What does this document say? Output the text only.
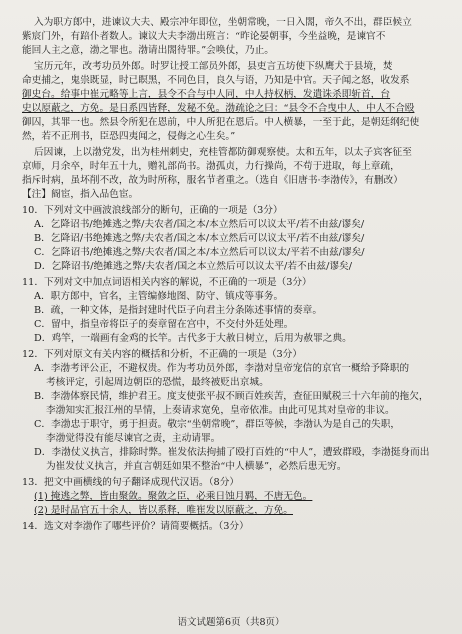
入为职方郎中，进谏议大夫、殿宗冲年即位，坐朝常晚，一日入閤，帝久不出，群臣候立
紫宸门外，有踣仆者数人。谏议大夫李渤出班言：“昨论晏朝事，今坐益晚，是谏官不
能回人主之意，渤之罪也。渤请出閤待罪。”会唤仗，乃止。
宝历元年，改考功员外郎。时罗让授工部员外郎，县吏言五坊使下纵鹰犬于县境，焚
命吏捕之，鬼祟既显，时已瞑黑，不同色目，良久与语，乃知是中官。天子闻之怒，收发系
御史台。给事中崔元略等上言，县令不合与中人同，中人持权柄，发遣诛杀即斩首，台
史以原蔽之，方免。是日系四皆释，发秘不免。渤疏论之曰：“县令不合曳中人，中人不合殴
御囚，其罪一也。然县令所犯在恩前，中人所犯在恩后。中人横暴，一至于此，是朝廷纲纪使
然，若不正刑书，臣恐四夷闻之，侵侮之心生矣。”
后因谏，上以渤党发，出为桂州刺史，充桂管都防御观察使。太和五年，以太子宾客征至
京师，月余卒，时年五十九，赠礼部尚书。渤孤贞，力行操尚，不苟于进取，每上章疏，
指斥时病，虽坏削不改，故为时所称，服名节者重之。（选自《旧唐书·李渤传》，有删改）
【注】阍宦，指入品色宦。
10．下列对文中画波浪线部分的断句，正确的一项是（3分）
A．乞降诏书/绝摊逃之弊/夫农者/国之本/本立然后可以议太平/若不由兹/谬矣/
B．乞降诏/书绝摊逃之弊/夫农者/国之本/本立然后可以议太平/若不由兹/谬矣/
C．乞降诏书/绝摊逃之弊/夫农者/国之本/本立然后可以议太/平若不由兹/谬矣/
D．乞降诏书/绝摊逃之弊/夫农者/国之本立然后可以议太平/若不由兹/谬矣/
11．下列对文中加点词语相关内容的解说，不正确的一项是（3分）
A．职方郎中，官名，主管编修地图、防守、镇戍等事务。
B．疏，一种文体，是指封建时代臣子向君主分条陈述事情的奏章。
C．留中，指皇帝将臣子的奏章留在宫中，不交付外廷处理。
D．鸡竿，一端画有金鸡的长竿。古代多于大赦日树立，后用为赦罪之典。
12．下列对原文有关内容的概括和分析，不正确的一项是（3分）
A．李渤考评公正，不避权贵。作为考功员外郎，李渤对皇帝宠信的京官一概给予降职的
考核评定，引起周边朝臣的恐慌，最终被贬出京城。
B．李渤体察民情，维护君王。度支使张平叔不顾百姓疾苦，查征田赋税三十六年前的拖欠，
李渤知实汇报江州的旱情，上奏请求宽免，皇帝依准。由此可见其对皇帝的非议。
C．李渤忠于职守，勇于担责。敬宗“坐朝常晚”，群臣等候，李渤认为是自己的失职，
李渤觉得没有能尽谏官之责，主动请罪。
D．李渤仗义执言，排除时弊。崔发依法拘捕了殴打百姓的“中人”，遭致群殴，李渤挺身而出
为崔发仗义执言，并直言朝廷如果不整治“中人横暴”，必然后患无穷。
13．把文中画横线的句子翻译成现代汉语。（8分）
(1) 掩逃之弊，皆由聚敛。聚敛之臣，必乘日蚀月羁，不唐无色。
(2) 是时品官五十余人，皆以系释，唯崔发以原蔽之，方免。
14．选文对李渤作了哪些评价？请简要概括。（3分）
语文试题第6页（共8页）
